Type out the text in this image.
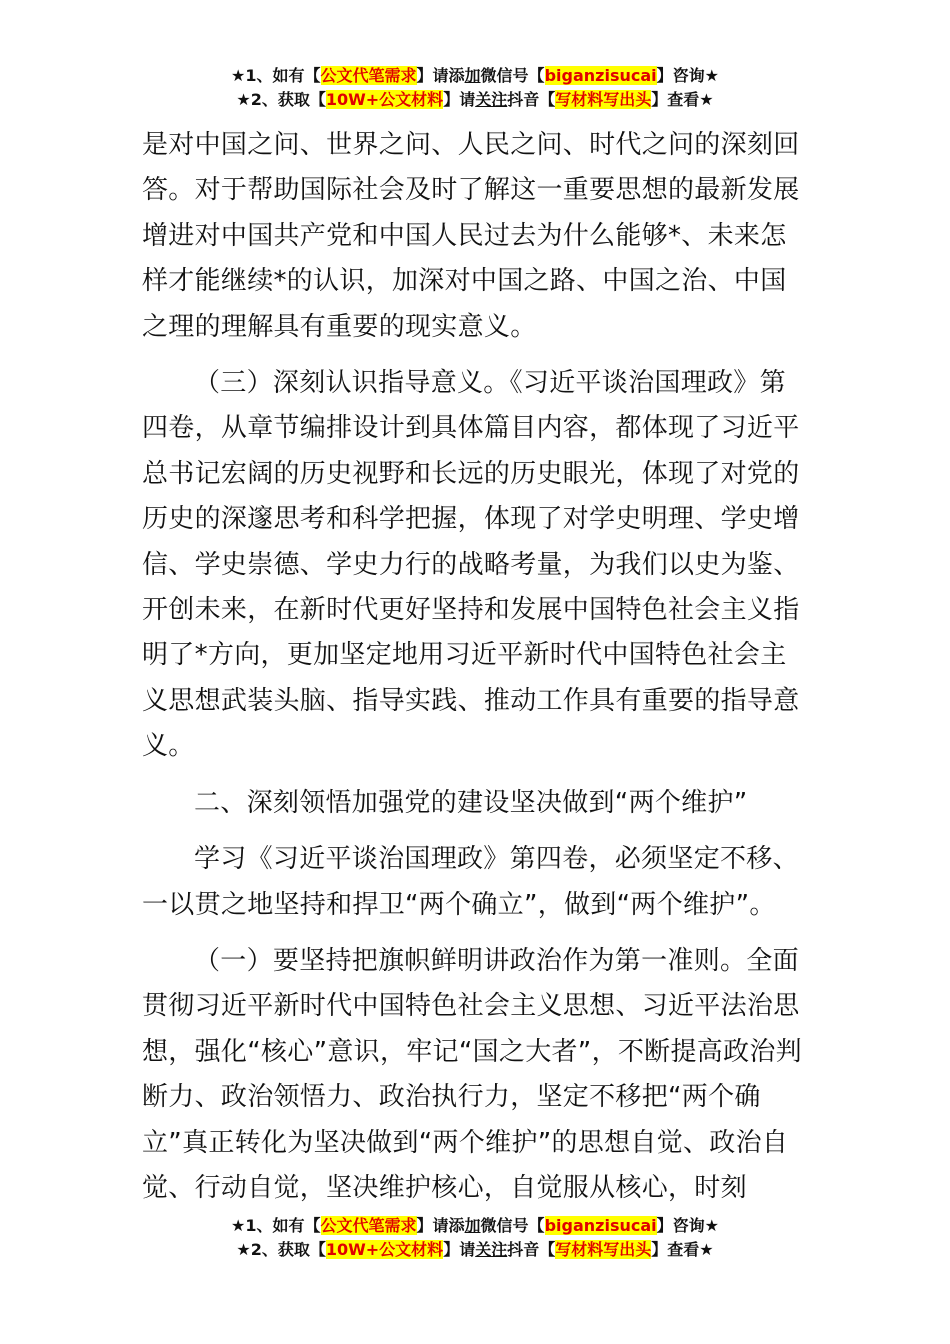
★1、如有【公文代笔需求】请添加微信号【biganzisucai】咨询★
★2、获取【10W+公文材料】请关注抖音【写材料写出头】查看★

是对中国之问、世界之问、人民之问、时代之问的深刻回答。对于帮助国际社会及时了解这一重要思想的最新发展增进对中国共产党和中国人民过去为什么能够*、未来怎样才能继续*的认识，加深对中国之路、中国之治、中国之理的理解具有重要的现实意义。

（三）深刻认识指导意义。《习近平谈治国理政》第四卷，从章节编排设计到具体篇目内容，都体现了习近平总书记宏阔的历史视野和长远的历史眼光，体现了对党的历史的深邃思考和科学把握，体现了对学史明理、学史增信、学史崇德、学史力行的战略考量，为我们以史为鉴、开创未来，在新时代更好坚持和发展中国特色社会主义指明了*方向，更加坚定地用习近平新时代中国特色社会主义思想武装头脑、指导实践、推动工作具有重要的指导意义。

二、深刻领悟加强党的建设坚决做到“两个维护”

学习《习近平谈治国理政》第四卷，必须坚定不移、一以贯之地坚持和捍卫“两个确立”，做到“两个维护”。

（一）要坚持把旗帜鲜明讲政治作为第一准则。全面贯彻习近平新时代中国特色社会主义思想、习近平法治思想，强化“核心”意识，牢记“国之大者”，不断提高政治判断力、政治领悟力、政治执行力，坚定不移把“两个确立”真正转化为坚决做到“两个维护”的思想自觉、政治自觉、行动自觉，坚决维护核心，自觉服从核心，时刻

★1、如有【公文代笔需求】请添加微信号【biganzisucai】咨询★
★2、获取【10W+公文材料】请关注抖音【写材料写出头】查看★
